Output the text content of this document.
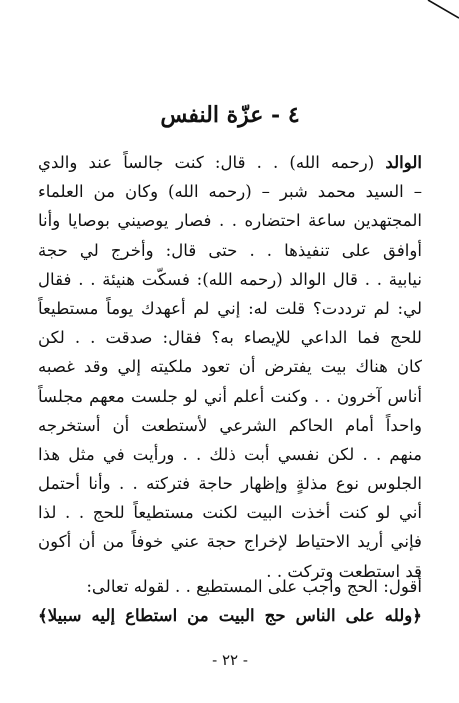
٤ - عزّة النفس
الوالد (رحمه الله) . . قال: كنت جالساً عند والدي
– السيد محمد شبر – (رحمه الله) وكان من العلماء
المجتهدين ساعة احتضاره . . فصار يوصيني بوصايا وأنا
أوافق على تنفيذها . . حتى قال: وأخرج لي حجة
نيابية . . قال الوالد (رحمه الله): فسكّت هنيئة . . فقال
لي: لم ترددت؟ قلت له: إني لم أعهدك يوماً مستطيعاً
للحج فما الداعي للإيصاء به؟ فقال: صدقت . . لكن
كان هناك بيت يفترض أن تعود ملكيته إلي وقد غصبه
أناس آخرون . . وكنت أعلم أني لو جلست معهم مجلساً
واحداً أمام الحاكم الشرعي لأستطعت أن أستخرجه
منهم . . لكن نفسي أبت ذلك . . ورأيت في مثل هذا
الجلوس نوع مذلةٍ وإظهار حاجة فتركته . . وأنا أحتمل
أني لو كنت أخذت البيت لكنت مستطيعاً للحج . . لذا
فإني أريد الاحتياط لإخراج حجة عني خوفاً من أن أكون
قد استطعت وتركت . .
أقول: الحج واجب على المستطيع . . لقوله تعالى:
﴿ولله على الناس حج البيت من استطاع إليه سبيلا﴾
- ٢٢ -
